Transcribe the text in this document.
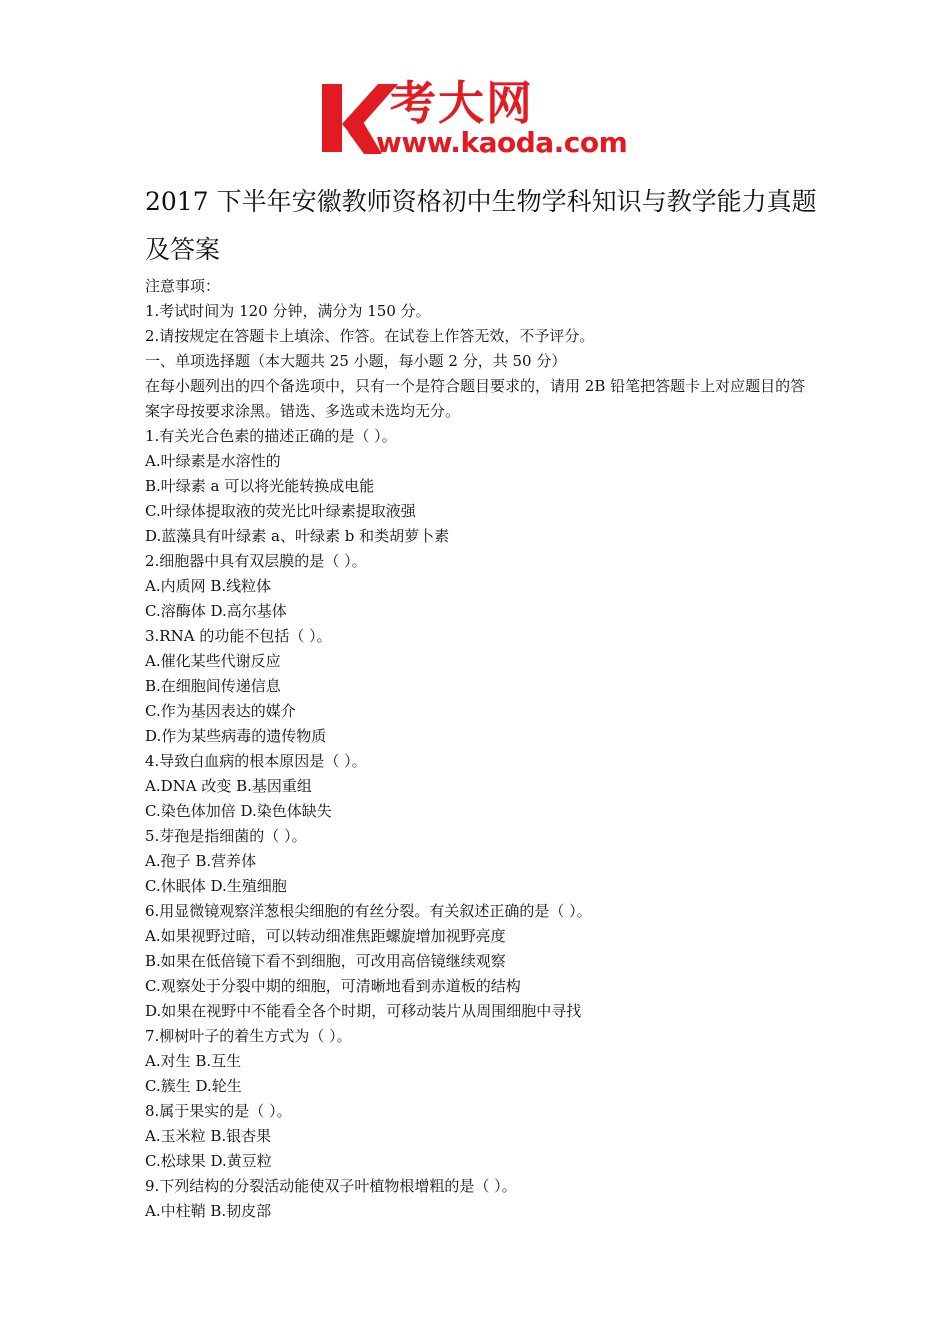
考大网
www.kaoda.com
2017 下半年安徽教师资格初中生物学科知识与教学能力真题及答案
注意事项：
1.考试时间为 120 分钟，满分为 150 分。
2.请按规定在答题卡上填涂、作答。在试卷上作答无效，不予评分。
一、单项选择题（本大题共 25 小题，每小题 2 分，共 50 分）
在每小题列出的四个备选项中，只有一个是符合题目要求的，请用 2B 铅笔把答题卡上对应题目的答案字母按要求涂黑。错选、多选或未选均无分。
1.有关光合色素的描述正确的是（ ）。
A.叶绿素是水溶性的
B.叶绿素 a 可以将光能转换成电能
C.叶绿体提取液的荧光比叶绿素提取液强
D.蓝藻具有叶绿素 a、叶绿素 b 和类胡萝卜素
2.细胞器中具有双层膜的是（ ）。
A.内质网 B.线粒体
C.溶酶体 D.高尔基体
3.RNA 的功能不包括（ ）。
A.催化某些代谢反应
B.在细胞间传递信息
C.作为基因表达的媒介
D.作为某些病毒的遗传物质
4.导致白血病的根本原因是（ ）。
A.DNA 改变 B.基因重组
C.染色体加倍 D.染色体缺失
5.芽孢是指细菌的（ ）。
A.孢子 B.营养体
C.休眠体 D.生殖细胞
6.用显微镜观察洋葱根尖细胞的有丝分裂。有关叙述正确的是（ ）。
A.如果视野过暗，可以转动细准焦距螺旋增加视野亮度
B.如果在低倍镜下看不到细胞，可改用高倍镜继续观察
C.观察处于分裂中期的细胞，可清晰地看到赤道板的结构
D.如果在视野中不能看全各个时期，可移动装片从周围细胞中寻找
7.柳树叶子的着生方式为（ ）。
A.对生 B.互生
C.簇生 D.轮生
8.属于果实的是（ ）。
A.玉米粒 B.银杏果
C.松球果 D.黄豆粒
9.下列结构的分裂活动能使双子叶植物根增粗的是（ ）。
A.中柱鞘 B.韧皮部
